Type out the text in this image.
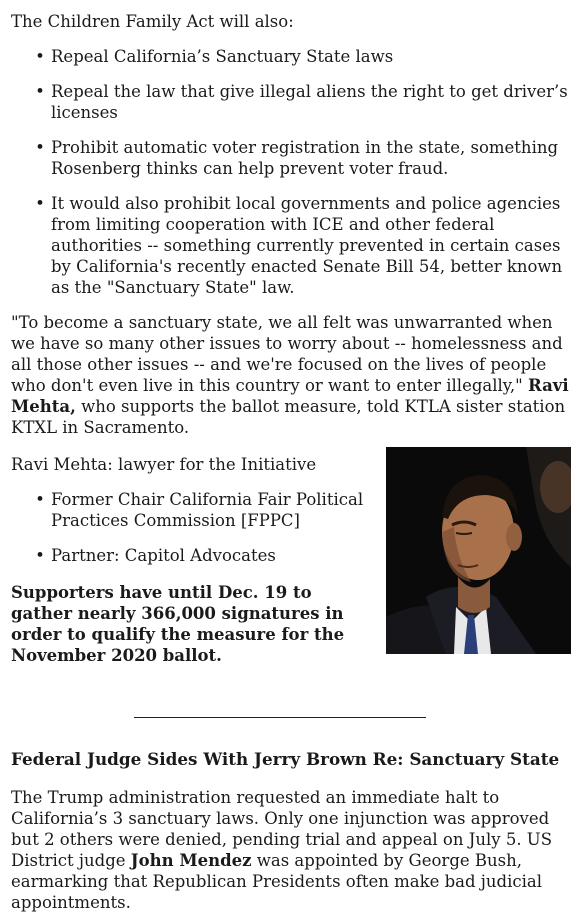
The Children Family Act will also:

• Repeal California’s Sanctuary State laws
• Repeal the law that give illegal aliens the right to get driver’s licenses
• Prohibit automatic voter registration in the state, something Rosenberg thinks can help prevent voter fraud.
• It would also prohibit local governments and police agencies from limiting cooperation with ICE and other federal authorities -- something currently prevented in certain cases by California's recently enacted Senate Bill 54, better known as the "Sanctuary State" law.

"To become a sanctuary state, we all felt was unwarranted when we have so many other issues to worry about -- homelessness and all those other issues -- and we're focused on the lives of people who don't even live in this country or want to enter illegally," Ravi Mehta, who supports the ballot measure, told KTLA sister station KTXL in Sacramento.

Ravi Mehta: lawyer for the Initiative

• Former Chair California Fair Political Practices Commission [FPPC]
• Partner: Capitol Advocates

Supporters have until Dec. 19 to gather nearly 366,000 signatures in order to qualify the measure for the November 2020 ballot.

Federal Judge Sides With Jerry Brown Re: Sanctuary State

The Trump administration requested an immediate halt to California’s 3 sanctuary laws. Only one injunction was approved but 2 others were denied, pending trial and appeal on July 5. US District judge John Mendez was appointed by George Bush, earmarking that Republican Presidents often make bad judicial appointments.
